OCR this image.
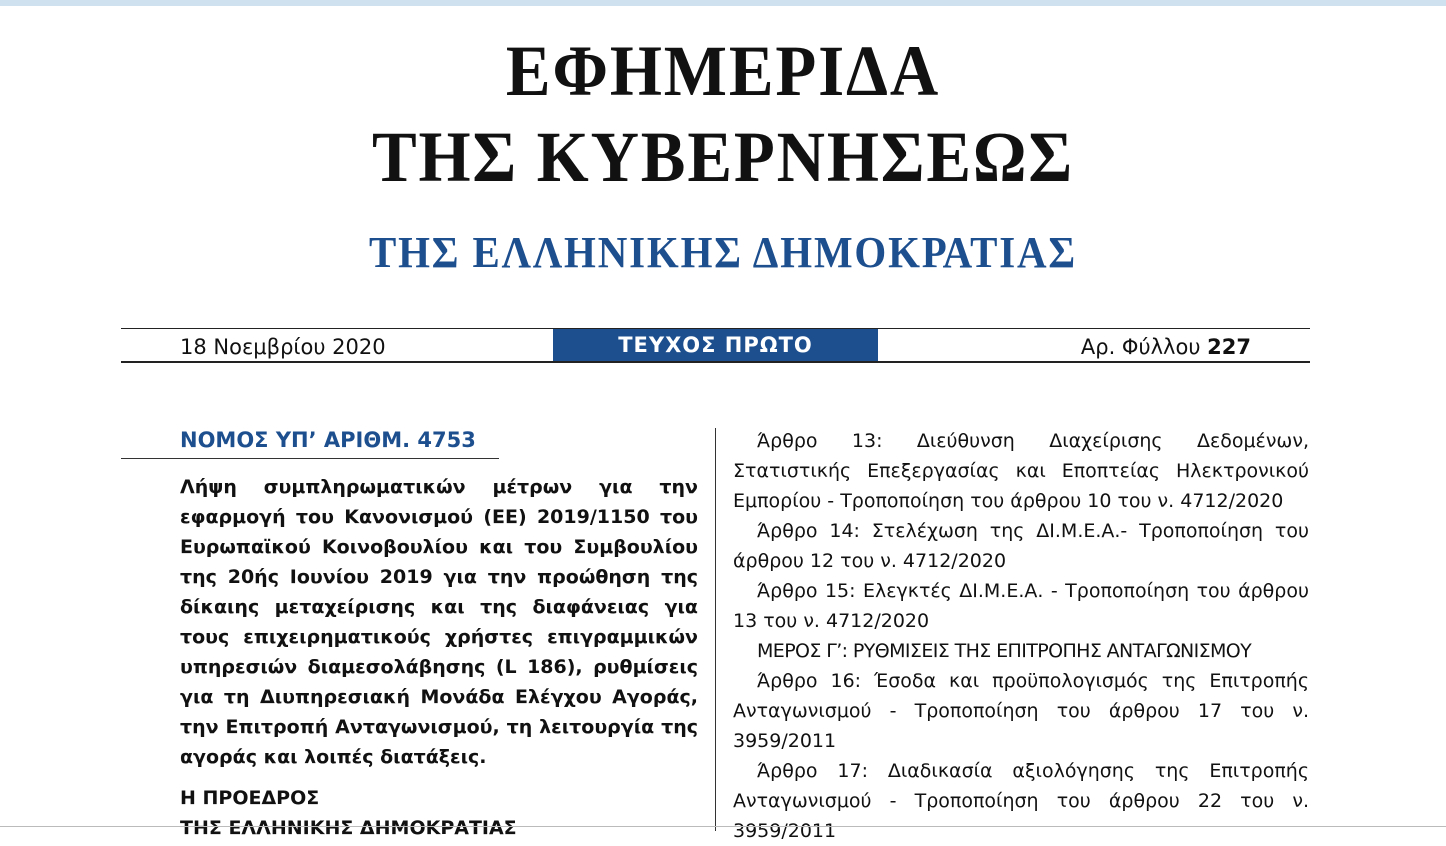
ΕΦΗΜΕΡΙΔΑ
ΤΗΣ ΚΥΒΕΡΝΗΣΕΩΣ
ΤΗΣ ΕΛΛΗΝΙΚΗΣ ΔΗΜΟΚΡΑΤΙΑΣ
18 Νοεμβρίου 2020	ΤΕΥΧΟΣ ΠΡΩΤΟ	Αρ. Φύλλου 227
ΝΟΜΟΣ ΥΠ’ ΑΡΙΘΜ. 4753
Λήψη συμπληρωματικών μέτρων για την εφαρμογή του Κανονισμού (ΕΕ) 2019/1150 του Ευρωπαϊκού Κοινοβουλίου και του Συμβουλίου της 20ής Ιουνίου 2019 για την προώθηση της δίκαιης μεταχείρισης και της διαφάνειας για τους επιχειρηματικούς χρήστες επιγραμμικών υπηρεσιών διαμεσολάβησης (L 186), ρυθμίσεις για τη Διυπηρεσιακή Μονάδα Ελέγχου Αγοράς, την Επιτροπή Ανταγωνισμού, τη λειτουργία της αγοράς και λοιπές διατάξεις.
Η ΠΡΟΕΔΡΟΣ
ΤΗΣ ΕΛΛΗΝΙΚΗΣ ΔΗΜΟΚΡΑΤΙΑΣ

Άρθρο 13: Διεύθυνση Διαχείρισης Δεδομένων, Στατιστικής Επεξεργασίας και Εποπτείας Ηλεκτρονικού Εμπορίου - Τροποποίηση του άρθρου 10 του ν. 4712/2020

Άρθρο 14: Στελέχωση της ΔΙ.Μ.Ε.Α.- Τροποποίηση του άρθρου 12 του ν. 4712/2020

Άρθρο 15: Ελεγκτές ΔΙ.Μ.Ε.Α. - Τροποποίηση του άρθρου 13 του ν. 4712/2020

ΜΕΡΟΣ Γ’: ΡΥΘΜΙΣΕΙΣ ΤΗΣ ΕΠΙΤΡΟΠΗΣ ΑΝΤΑΓΩΝΙΣΜΟΥ

Άρθρο 16: Έσοδα και προϋπολογισμός της Επιτροπής Ανταγωνισμού - Τροποποίηση του άρθρου 17 του ν. 3959/2011

Άρθρο 17: Διαδικασία αξιολόγησης της Επιτροπής Ανταγωνισμού - Τροποποίηση του άρθρου 22 του ν. 3959/2011
